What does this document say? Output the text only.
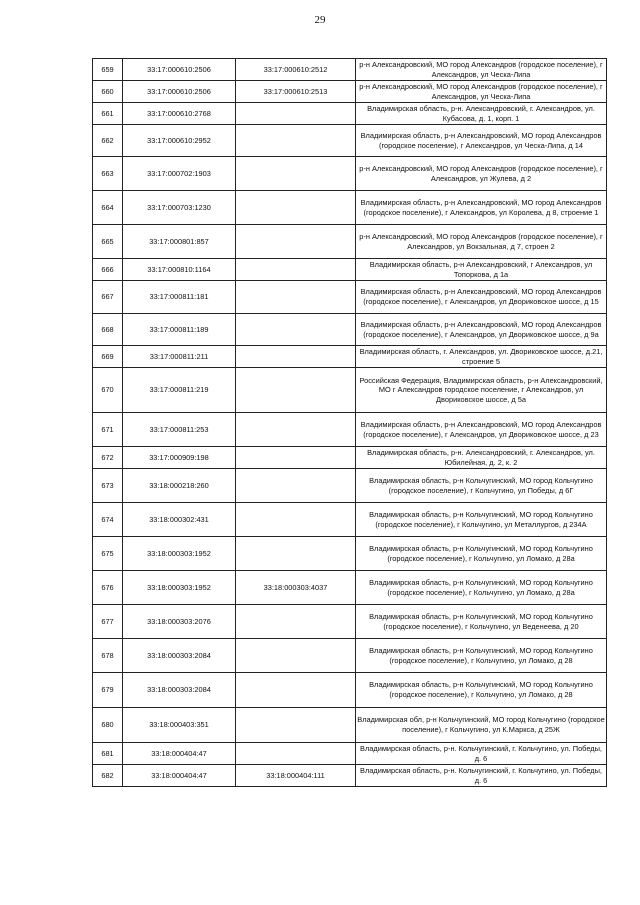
29
659	33:17:000610:2506	33:17:000610:2512	р-н Александровский, МО город Александров (городское поселение), г Александров, ул Ческа-Липа
660	33:17:000610:2506	33:17:000610:2513	р-н Александровский, МО город Александров (городское поселение), г Александров, ул Ческа-Липа
661	33:17:000610:2768		Владимирская область, р-н. Александровский, г. Александров, ул. Кубасова, д. 1, корп. 1
662	33:17:000610:2952		Владимирская область, р-н Александровский, МО город Александров (городское поселение), г Александров, ул Ческа-Липа, д 14
663	33:17:000702:1903		р-н Александровский, МО город Александров (городское поселение), г Александров, ул Жулева, д 2
664	33:17:000703:1230		Владимирская область, р-н Александровский, МО город Александров (городское поселение), г Александров, ул Королева, д 8, строение 1
665	33:17:000801:857		р-н Александровский, МО город Александров (городское поселение), г Александров, ул Вокзальная, д 7, строен 2
666	33:17:000810:1164		Владимирская область, р-н Александровский, г Александров, ул Топоркова, д 1а
667	33:17:000811:181		Владимирская область, р-н Александровский, МО город Александров (городское поселение), г Александров, ул Двориковское шоссе, д 15
668	33:17:000811:189		Владимирская область, р-н Александровский, МО город Александров (городское поселение), г Александров, ул Двориковское шоссе, д 9а
669	33:17:000811:211		Владимирская область, г. Александров, ул. Двориковское шоссе, д.21, строение 5
670	33:17:000811:219		Российская Федерация, Владимирская область, р-н Александровский, МО г Александров городское поселение, г Александров, ул Двориковское шоссе, д 5а
671	33:17:000811:253		Владимирская область, р-н Александровский, МО город Александров (городское поселение), г Александров, ул Двориковское шоссе, д 23
672	33:17:000909:198		Владимирская область, р-н. Александровский, г. Александров, ул. Юбилейная, д. 2, к. 2
673	33:18:000218:260		Владимирская область, р-н Кольчугинский, МО город Кольчугино (городское поселение), г Кольчугино, ул Победы, д 6Г
674	33:18:000302:431		Владимирская область, р-н Кольчугинский, МО город Кольчугино (городское поселение), г Кольчугино, ул Металлургов, д 234А
675	33:18:000303:1952		Владимирская область, р-н Кольчугинский, МО город Кольчугино (городское поселение), г Кольчугино, ул Ломако, д 28а
676	33:18:000303:1952	33:18:000303:4037	Владимирская область, р-н Кольчугинский, МО город Кольчугино (городское поселение), г Кольчугино, ул Ломако, д 28а
677	33:18:000303:2076		Владимирская область, р-н Кольчугинский, МО город Кольчугино (городское поселение), г Кольчугино, ул Веденеева, д 20
678	33:18:000303:2084		Владимирская область, р-н Кольчугинский, МО город Кольчугино (городское поселение), г Кольчугино, ул Ломако, д 28
679	33:18:000303:2084		Владимирская область, р-н Кольчугинский, МО город Кольчугино (городское поселение), г Кольчугино, ул Ломако, д 28
680	33:18:000403:351		Владимирская обл, р-н Кольчугинский, МО город Кольчугино (городское поселение), г Кольчугино, ул К.Маркса, д 25Ж
681	33:18:000404:47		Владимирская область, р-н. Кольчугинский, г. Кольчугино, ул. Победы, д. 6
682	33:18:000404:47	33:18:000404:111	Владимирская область, р-н. Кольчугинский, г. Кольчугино, ул. Победы, д. 6
